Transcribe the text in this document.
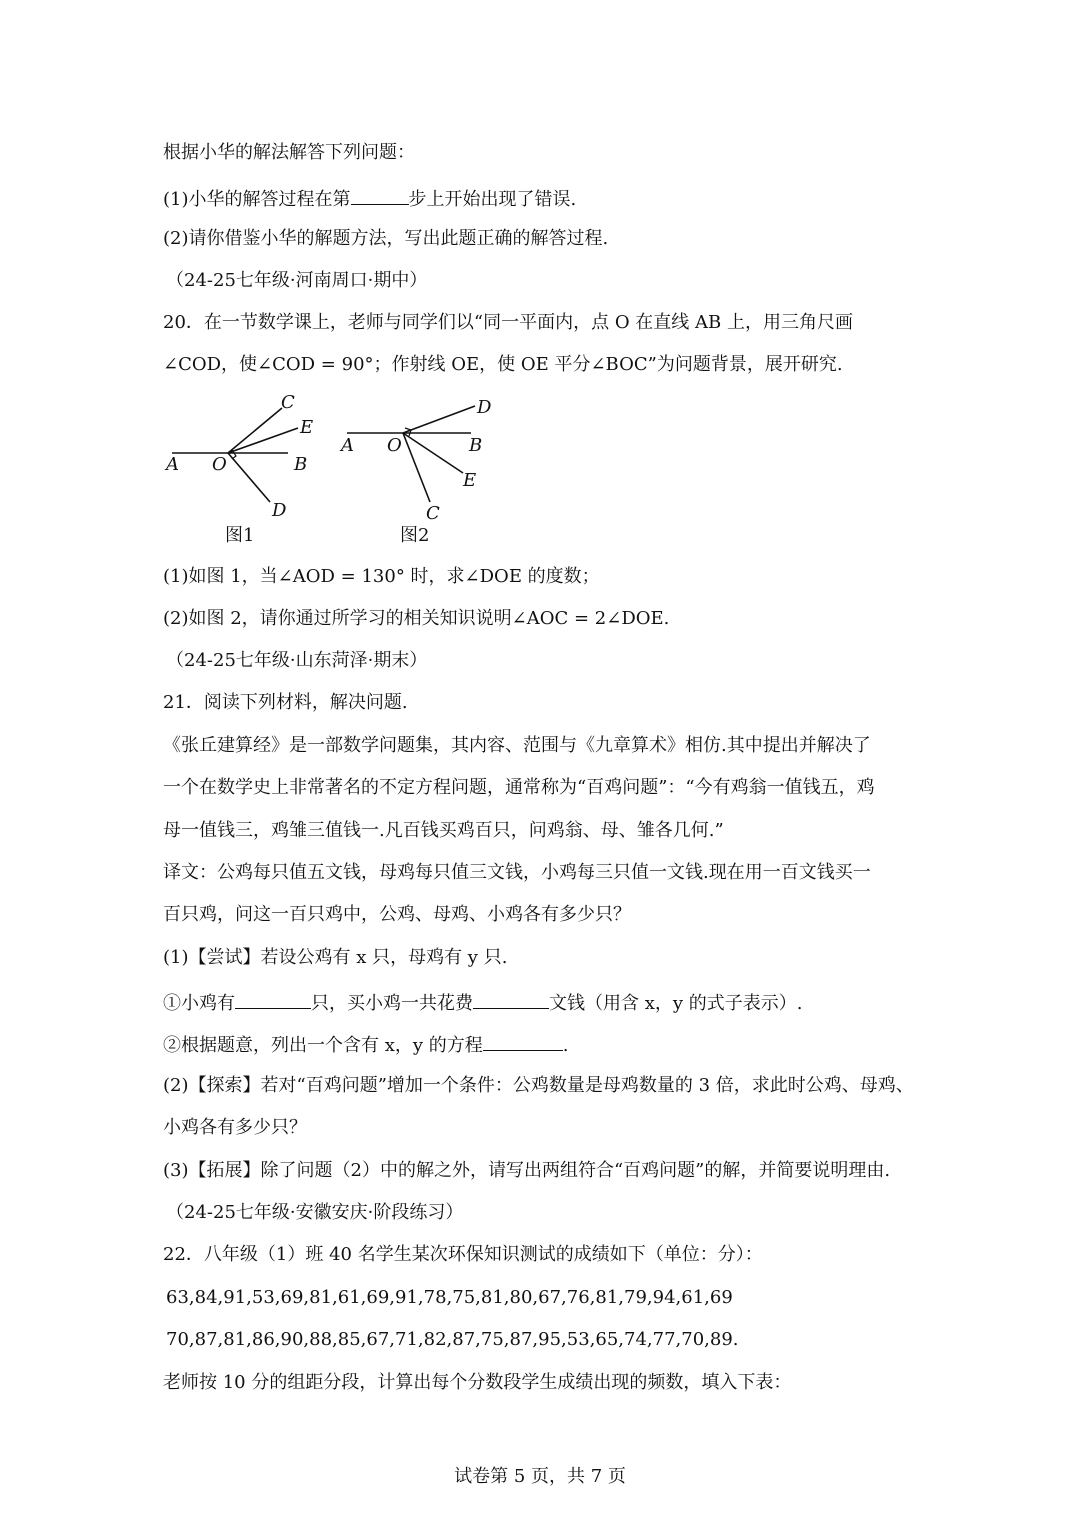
根据小华的解法解答下列问题：
(1)小华的解答过程在第	步上开始出现了错误.
(2)请你借鉴小华的解题方法，写出此题正确的解答过程.
（24-25七年级·河南周口·期中）
20．在一节数学课上，老师与同学们以“同一平面内，点 O 在直线 AB 上，用三角尺画
∠COD，使∠COD = 90°；作射线 OE，使 OE 平分∠BOC”为问题背景，展开研究.
A O	B
C
E
D
图1
A O	B
D
E
C
图2
(1)如图 1，当∠AOD = 130° 时，求∠DOE 的度数；
(2)如图 2，请你通过所学习的相关知识说明∠AOC = 2∠DOE.
（24-25七年级·山东菏泽·期末）
21．阅读下列材料，解决问题.
《张丘建算经》是一部数学问题集，其内容、范围与《九章算术》相仿.其中提出并解决了
一个在数学史上非常著名的不定方程问题，通常称为“百鸡问题”：“今有鸡翁一值钱五，鸡
母一值钱三，鸡雏三值钱一.凡百钱买鸡百只，问鸡翁、母、雏各几何.”
译文：公鸡每只值五文钱，母鸡每只值三文钱，小鸡每三只值一文钱.现在用一百文钱买一
百只鸡，问这一百只鸡中，公鸡、母鸡、小鸡各有多少只？
(1)【尝试】若设公鸡有 x 只，母鸡有 y 只.
①小鸡有	只，买小鸡一共花费	文钱（用含 x，y 的式子表示）.
②根据题意，列出一个含有 x，y 的方程	.
(2)【探索】若对“百鸡问题”增加一个条件：公鸡数量是母鸡数量的 3 倍，求此时公鸡、母鸡、
小鸡各有多少只？
(3)【拓展】除了问题（2）中的解之外，请写出两组符合“百鸡问题”的解，并简要说明理由.
（24-25七年级·安徽安庆·阶段练习）
22．八年级（1）班 40 名学生某次环保知识测试的成绩如下（单位：分）：
63,84,91,53,69,81,61,69,91,78,75,81,80,67,76,81,79,94,61,69
70,87,81,86,90,88,85,67,71,82,87,75,87,95,53,65,74,77,70,89.
老师按 10 分的组距分段，计算出每个分数段学生成绩出现的频数，填入下表：
试卷第 5 页，共 7 页
